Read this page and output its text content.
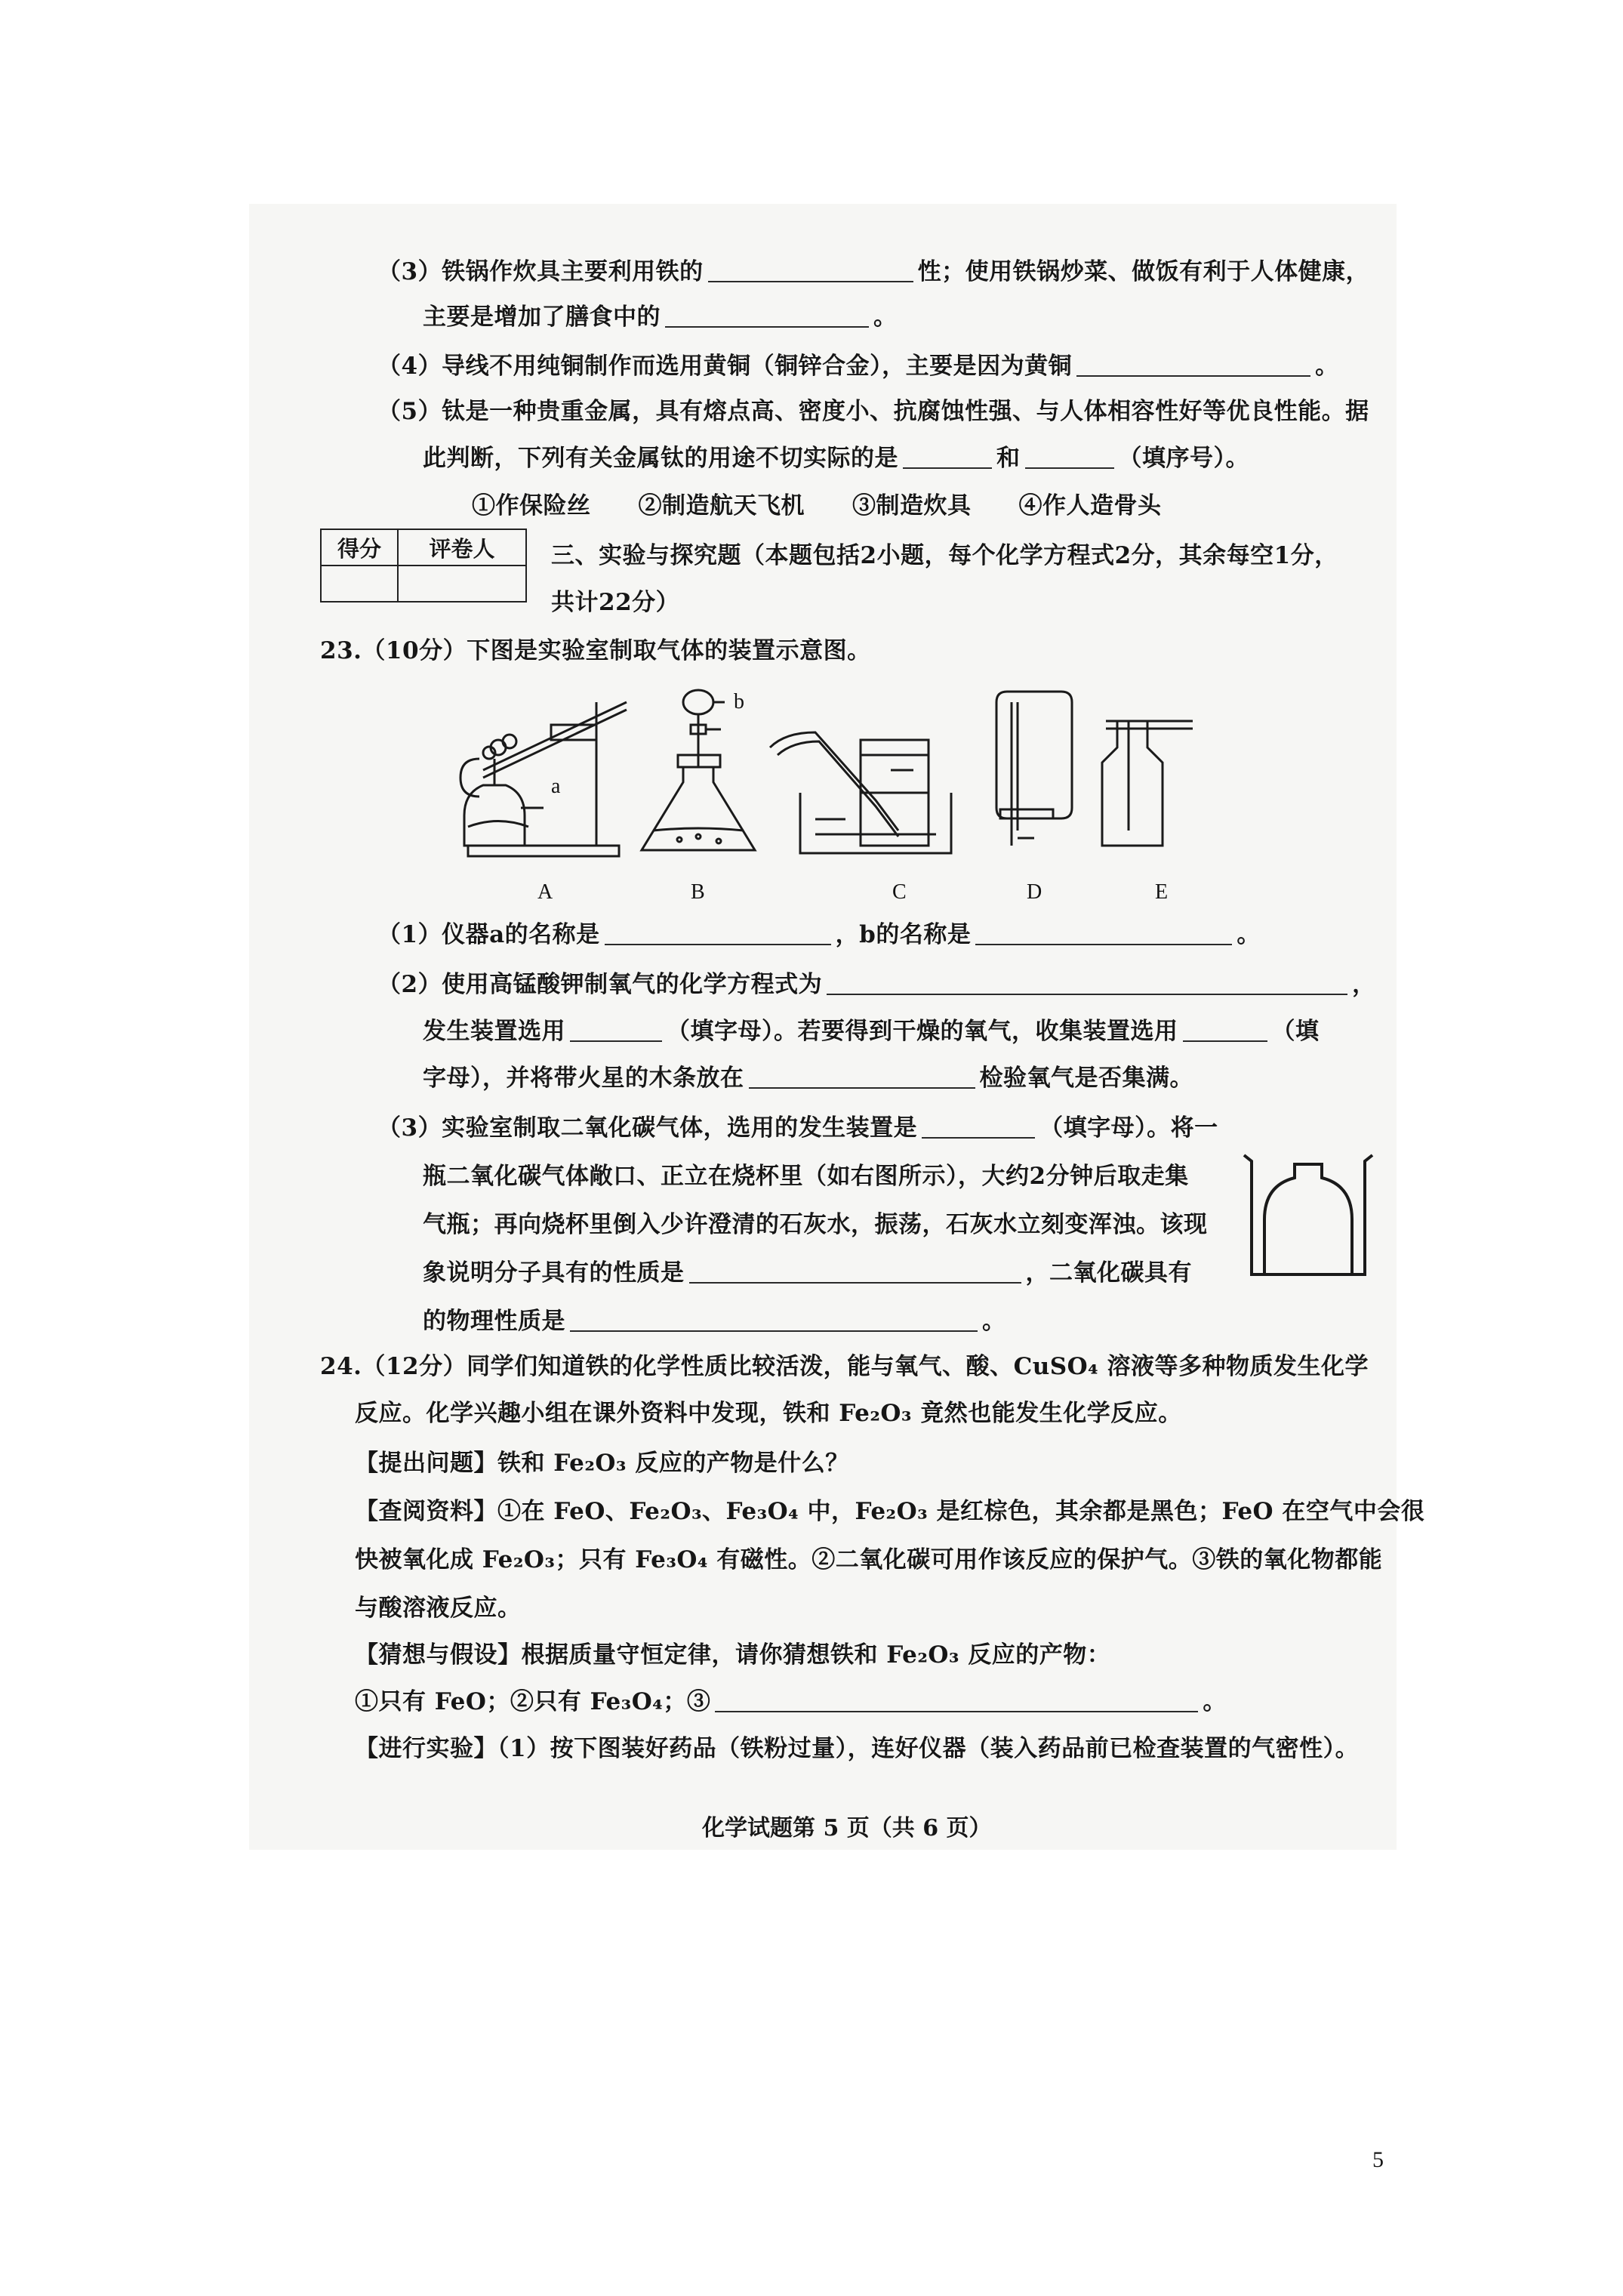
（3）铁锅作炊具主要利用铁的	性；使用铁锅炒菜、做饭有利于人体健康，
主要是增加了膳食中的	。
（4）导线不用纯铜制作而选用黄铜（铜锌合金），主要是因为黄铜	。
（5）钛是一种贵重金属，具有熔点高、密度小、抗腐蚀性强、与人体相容性好等优良性能。据
此判断，下列有关金属钛的用途不切实际的是	和	（填序号）。
①作保险丝　　②制造航天飞机　　③制造炊具　　④作人造骨头
得分	评卷人

		三、实验与探究题（本题包括2小题，每个化学方程式2分，其余每空1分，
共计22分）
23.（10分）下图是实验室制取气体的装置示意图。
a
b
A	B	C	D	E
（1）仪器a的名称是	，b的名称是	。
（2）使用高锰酸钾制氧气的化学方程式为	，
发生装置选用	（填字母）。若要得到干燥的氧气，收集装置选用	（填
字母），并将带火星的木条放在	检验氧气是否集满。
（3）实验室制取二氧化碳气体，选用的发生装置是	（填字母）。将一
瓶二氧化碳气体敞口、正立在烧杯里（如右图所示），大约2分钟后取走集
气瓶；再向烧杯里倒入少许澄清的石灰水，振荡，石灰水立刻变浑浊。该现
象说明分子具有的性质是	，二氧化碳具有
的物理性质是	。
24.（12分）同学们知道铁的化学性质比较活泼，能与氧气、酸、CuSO₄ 溶液等多种物质发生化学
反应。化学兴趣小组在课外资料中发现，铁和 Fe₂O₃ 竟然也能发生化学反应。
【提出问题】铁和 Fe₂O₃ 反应的产物是什么？
【查阅资料】①在 FeO、Fe₂O₃、Fe₃O₄ 中，Fe₂O₃ 是红棕色，其余都是黑色；FeO 在空气中会很
快被氧化成 Fe₂O₃；只有 Fe₃O₄ 有磁性。②二氧化碳可用作该反应的保护气。③铁的氧化物都能
与酸溶液反应。
【猜想与假设】根据质量守恒定律，请你猜想铁和 Fe₂O₃ 反应的产物：
①只有 FeO；②只有 Fe₃O₄；③	。
【进行实验】（1）按下图装好药品（铁粉过量），连好仪器（装入药品前已检查装置的气密性）。
化学试题第 5 页（共 6 页）
5
